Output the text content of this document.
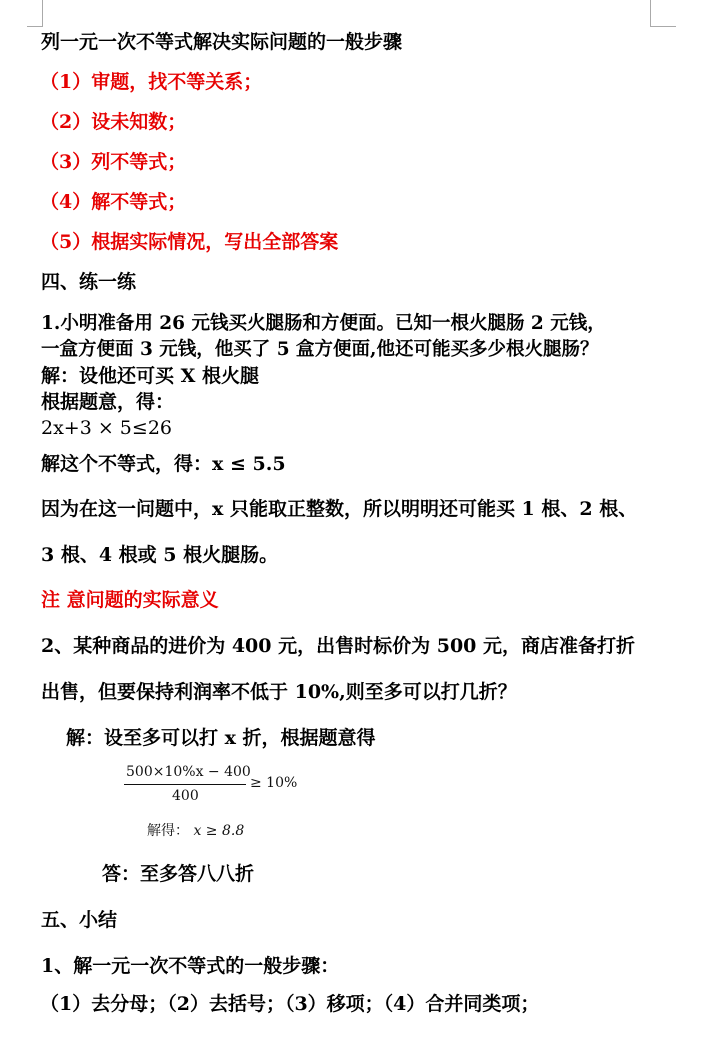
列一元一次不等式解决实际问题的一般步骤
（1）审题，找不等关系；
（2）设未知数；
（3）列不等式；
（4）解不等式；
（5）根据实际情况，写出全部答案
四、练一练
1.小明准备用 26 元钱买火腿肠和方便面。已知一根火腿肠 2 元钱，
一盒方便面 3 元钱，他买了 5 盒方便面,他还可能买多少根火腿肠？
解：设他还可买 X 根火腿
根据题意，得：
2x+3 × 5≤26
解这个不等式，得：x ≤ 5.5
因为在这一问题中，x 只能取正整数，所以明明还可能买 1 根、2 根、
3 根、4 根或 5 根火腿肠。
注 意问题的实际意义
2、某种商品的进价为 400 元，出售时标价为 500 元，商店准备打折
出售，但要保持利润率不低于 10%,则至多可以打几折？
解：设至多可以打 x 折，根据题意得
500×10%x − 400
400
≥ 10%
解得： x ≥ 8.8
答：至多答八八折
五、小结
1、解一元一次不等式的一般步骤：
（1）去分母；（2）去括号；（3）移项；（4）合并同类项；
